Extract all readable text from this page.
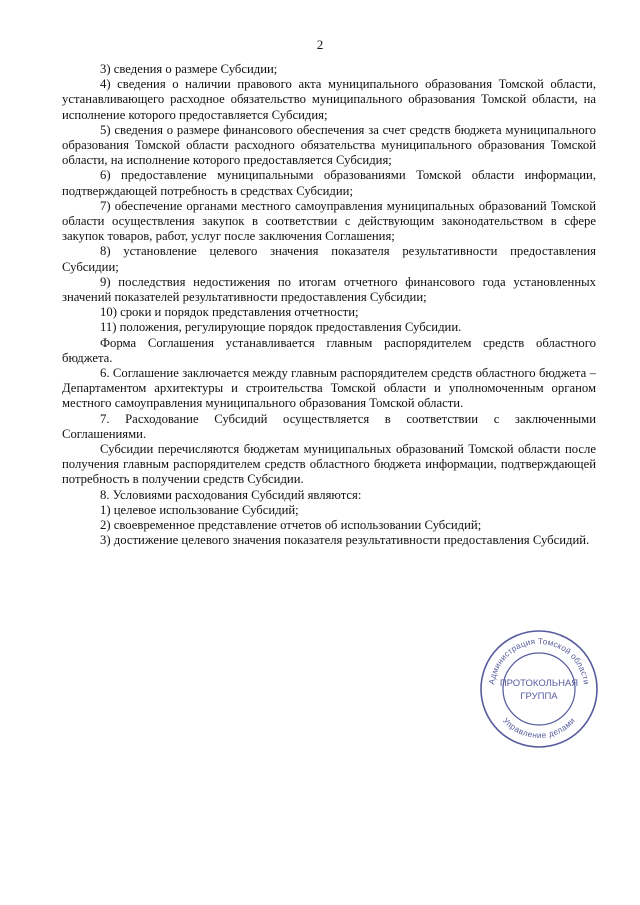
2

3) сведения о размере Субсидии;

4) сведения о наличии правового акта муниципального образования Томской области, устанавливающего расходное обязательство муниципального образования Томской области, на исполнение которого предоставляется Субсидия;

5) сведения о размере финансового обеспечения за счет средств бюджета муниципального образования Томской области расходного обязательства муниципального образования Томской области, на исполнение которого предоставляется Субсидия;

6) предоставление муниципальными образованиями Томской области информации, подтверждающей потребность в средствах Субсидии;

7) обеспечение органами местного самоуправления муниципальных образований Томской области осуществления закупок в соответствии с действующим законодательством в сфере закупок товаров, работ, услуг после заключения Соглашения;

8) установление целевого значения показателя результативности предоставления Субсидии;

9) последствия недостижения по итогам отчетного финансового года установленных значений показателей результативности предоставления Субсидии;

10) сроки и порядок представления отчетности;

11) положения, регулирующие порядок предоставления Субсидии.

Форма Соглашения устанавливается главным распорядителем средств областного бюджета.

6. Соглашение заключается между главным распорядителем средств областного бюджета – Департаментом архитектуры и строительства Томской области и уполномоченным органом местного самоуправления муниципального образования Томской области.

7. Расходование Субсидий осуществляется в соответствии с заключенными Соглашениями.

Субсидии перечисляются бюджетам муниципальных образований Томской области после получения главным распорядителем средств областного бюджета информации, подтверждающей потребность в получении средств Субсидии.

8. Условиями расходования Субсидий являются:

1) целевое использование Субсидий;

2) своевременное представление отчетов об использовании Субсидий;

3) достижение целевого значения показателя результативности предоставления Субсидий.

Администрация Томской области
Управление делами
ПРОТОКОЛЬНАЯ
ГРУППА
